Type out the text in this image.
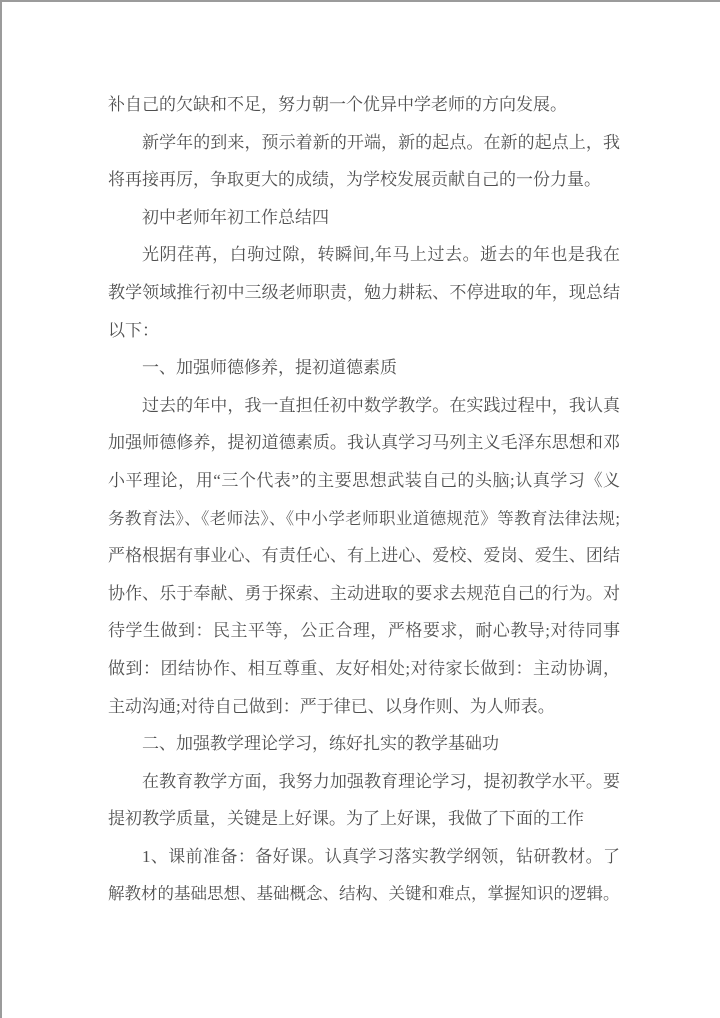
补自己的欠缺和不足，努力朝一个优异中学老师的方向发展。
新学年的到来，预示着新的开端，新的起点。在新的起点上，我
将再接再厉，争取更大的成绩，为学校发展贡献自己的一份力量。
初中老师年初工作总结四
光阴荏苒，白驹过隙，转瞬间,年马上过去。逝去的年也是我在
教学领域推行初中三级老师职责，勉力耕耘、不停进取的年，现总结
以下：
一、加强师德修养，提初道德素质
过去的年中，我一直担任初中数学教学。在实践过程中，我认真
加强师德修养，提初道德素质。我认真学习马列主义毛泽东思想和邓
小平理论，用“三个代表”的主要思想武装自己的头脑;认真学习《义
务教育法》、《老师法》、《中小学老师职业道德规范》等教育法律法规;
严格根据有事业心、有责任心、有上进心、爱校、爱岗、爱生、团结
协作、乐于奉献、勇于探索、主动进取的要求去规范自己的行为。对
待学生做到：民主平等，公正合理，严格要求，耐心教导;对待同事
做到：团结协作、相互尊重、友好相处;对待家长做到：主动协调，
主动沟通;对待自己做到：严于律已、以身作则、为人师表。
二、加强教学理论学习，练好扎实的教学基础功
在教育教学方面，我努力加强教育理论学习，提初教学水平。要
提初教学质量，关键是上好课。为了上好课，我做了下面的工作
1、课前准备：备好课。认真学习落实教学纲领，钻研教材。了
解教材的基础思想、基础概念、结构、关键和难点，掌握知识的逻辑。
